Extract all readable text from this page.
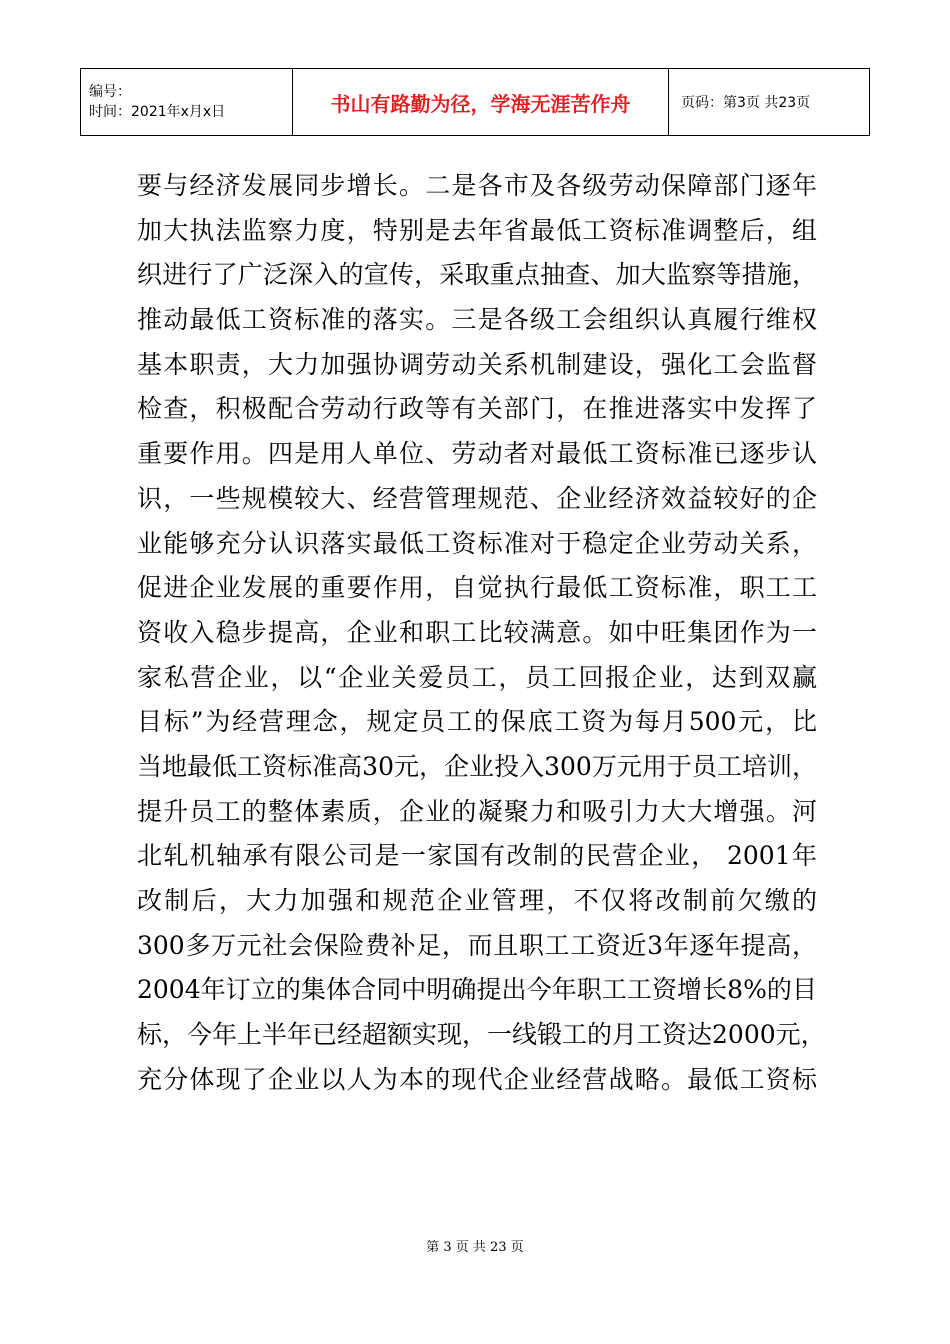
编号：
时间：2021年x月x日	书山有路勤为径，学海无涯苦作舟	页码：第3页 共23页
要与经济发展同步增长。二是各市及各级劳动保障部门逐年
加大执法监察力度，特别是去年省最低工资标准调整后，组
织进行了广泛深入的宣传，采取重点抽查、加大监察等措施，
推动最低工资标准的落实。三是各级工会组织认真履行维权
基本职责，大力加强协调劳动关系机制建设，强化工会监督
检查，积极配合劳动行政等有关部门，在推进落实中发挥了
重要作用。四是用人单位、劳动者对最低工资标准已逐步认
识，一些规模较大、经营管理规范、企业经济效益较好的企
业能够充分认识落实最低工资标准对于稳定企业劳动关系，
促进企业发展的重要作用，自觉执行最低工资标准，职工工
资收入稳步提高，企业和职工比较满意。如中旺集团作为一
家私营企业，以“企业关爱员工，员工回报企业，达到双赢
目标”为经营理念，规定员工的保底工资为每月500元，比
当地最低工资标准高30元，企业投入300万元用于员工培训，
提升员工的整体素质，企业的凝聚力和吸引力大大增强。河
北轧机轴承有限公司是一家国有改制的民营企业， 2001年
改制后，大力加强和规范企业管理，不仅将改制前欠缴的
300多万元社会保险费补足，而且职工工资近3年逐年提高，
2004年订立的集体合同中明确提出今年职工工资增长8%的目
标，今年上半年已经超额实现，一线锻工的月工资达2000元，
充分体现了企业以人为本的现代企业经营战略。最低工资标
第 3 页 共 23 页
